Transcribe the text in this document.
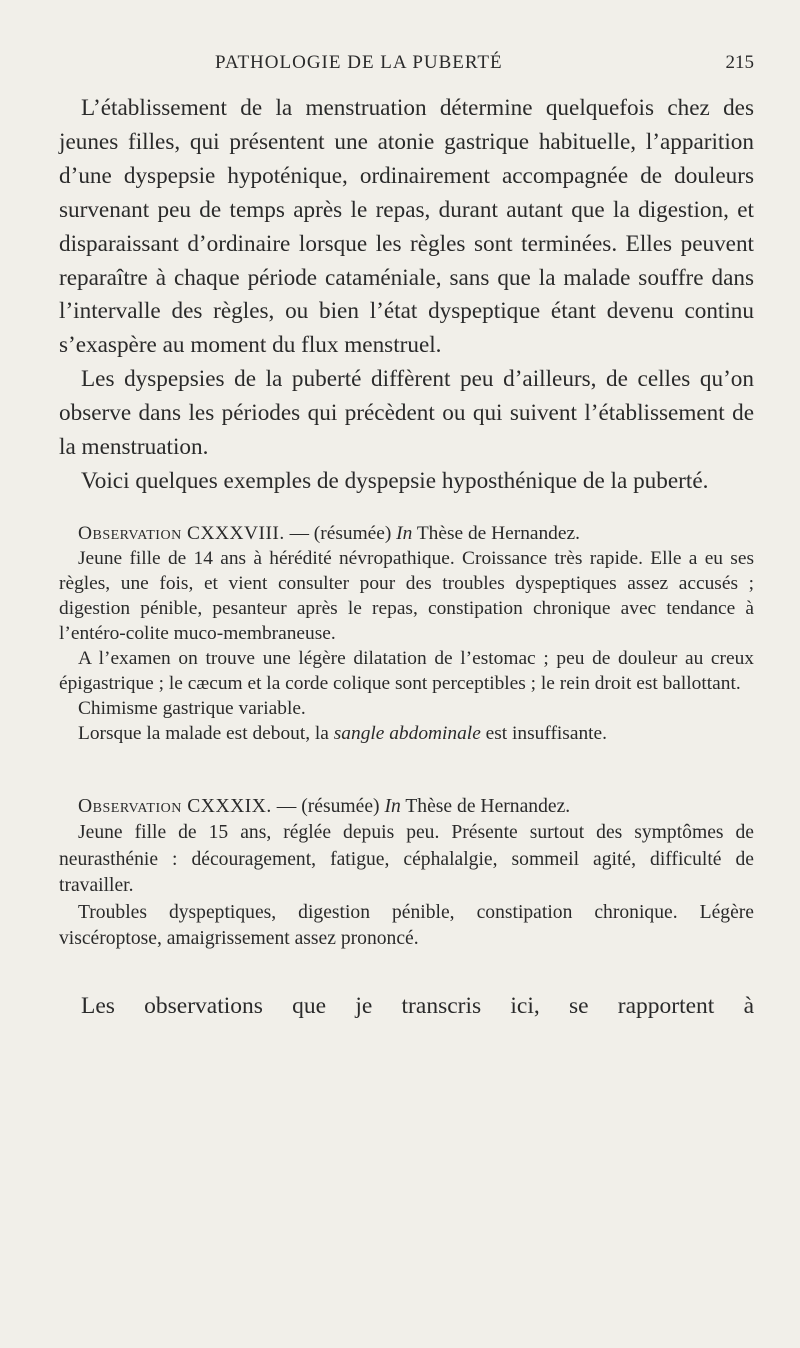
PATHOLOGIE DE LA PUBERTÉ	215

L’établissement de la menstruation détermine quelquefois chez des jeunes filles, qui présentent une atonie gastrique habituelle, l’apparition d’une dyspepsie hypoténique, ordinairement accompagnée de douleurs survenant peu de temps après le repas, durant autant que la digestion, et disparaissant d’ordinaire lorsque les règles sont terminées. Elles peuvent reparaître à chaque période cataméniale, sans que la malade souffre dans l’intervalle des règles, ou bien l’état dyspeptique étant devenu continu s’exaspère au moment du flux menstruel.

Les dyspepsies de la puberté diffèrent peu d’ailleurs, de celles qu’on observe dans les périodes qui précèdent ou qui suivent l’établissement de la menstruation.

Voici quelques exemples de dyspepsie hyposthénique de la puberté.

Observation CXXXVIII. — (résumée) In Thèse de Hernandez.

Jeune fille de 14 ans à hérédité névropathique. Croissance très rapide. Elle a eu ses règles, une fois, et vient consulter pour des troubles dyspeptiques assez accusés ; digestion pénible, pesanteur après le repas, constipation chronique avec tendance à l’entéro-colite muco-membraneuse.

A l’examen on trouve une légère dilatation de l’estomac ; peu de douleur au creux épigastrique ; le cæcum et la corde colique sont perceptibles ; le rein droit est ballottant.

Chimisme gastrique variable.

Lorsque la malade est debout, la sangle abdominale est insuffisante.

Observation CXXXIX. — (résumée) In Thèse de Hernandez.

Jeune fille de 15 ans, réglée depuis peu. Présente surtout des symptômes de neurasthénie : découragement, fatigue, céphalalgie, sommeil agité, difficulté de travailler.

Troubles dyspeptiques, digestion pénible, constipation chronique. Légère viscéroptose, amaigrissement assez prononcé.

Les observations que je transcris ici, se rapportent à
